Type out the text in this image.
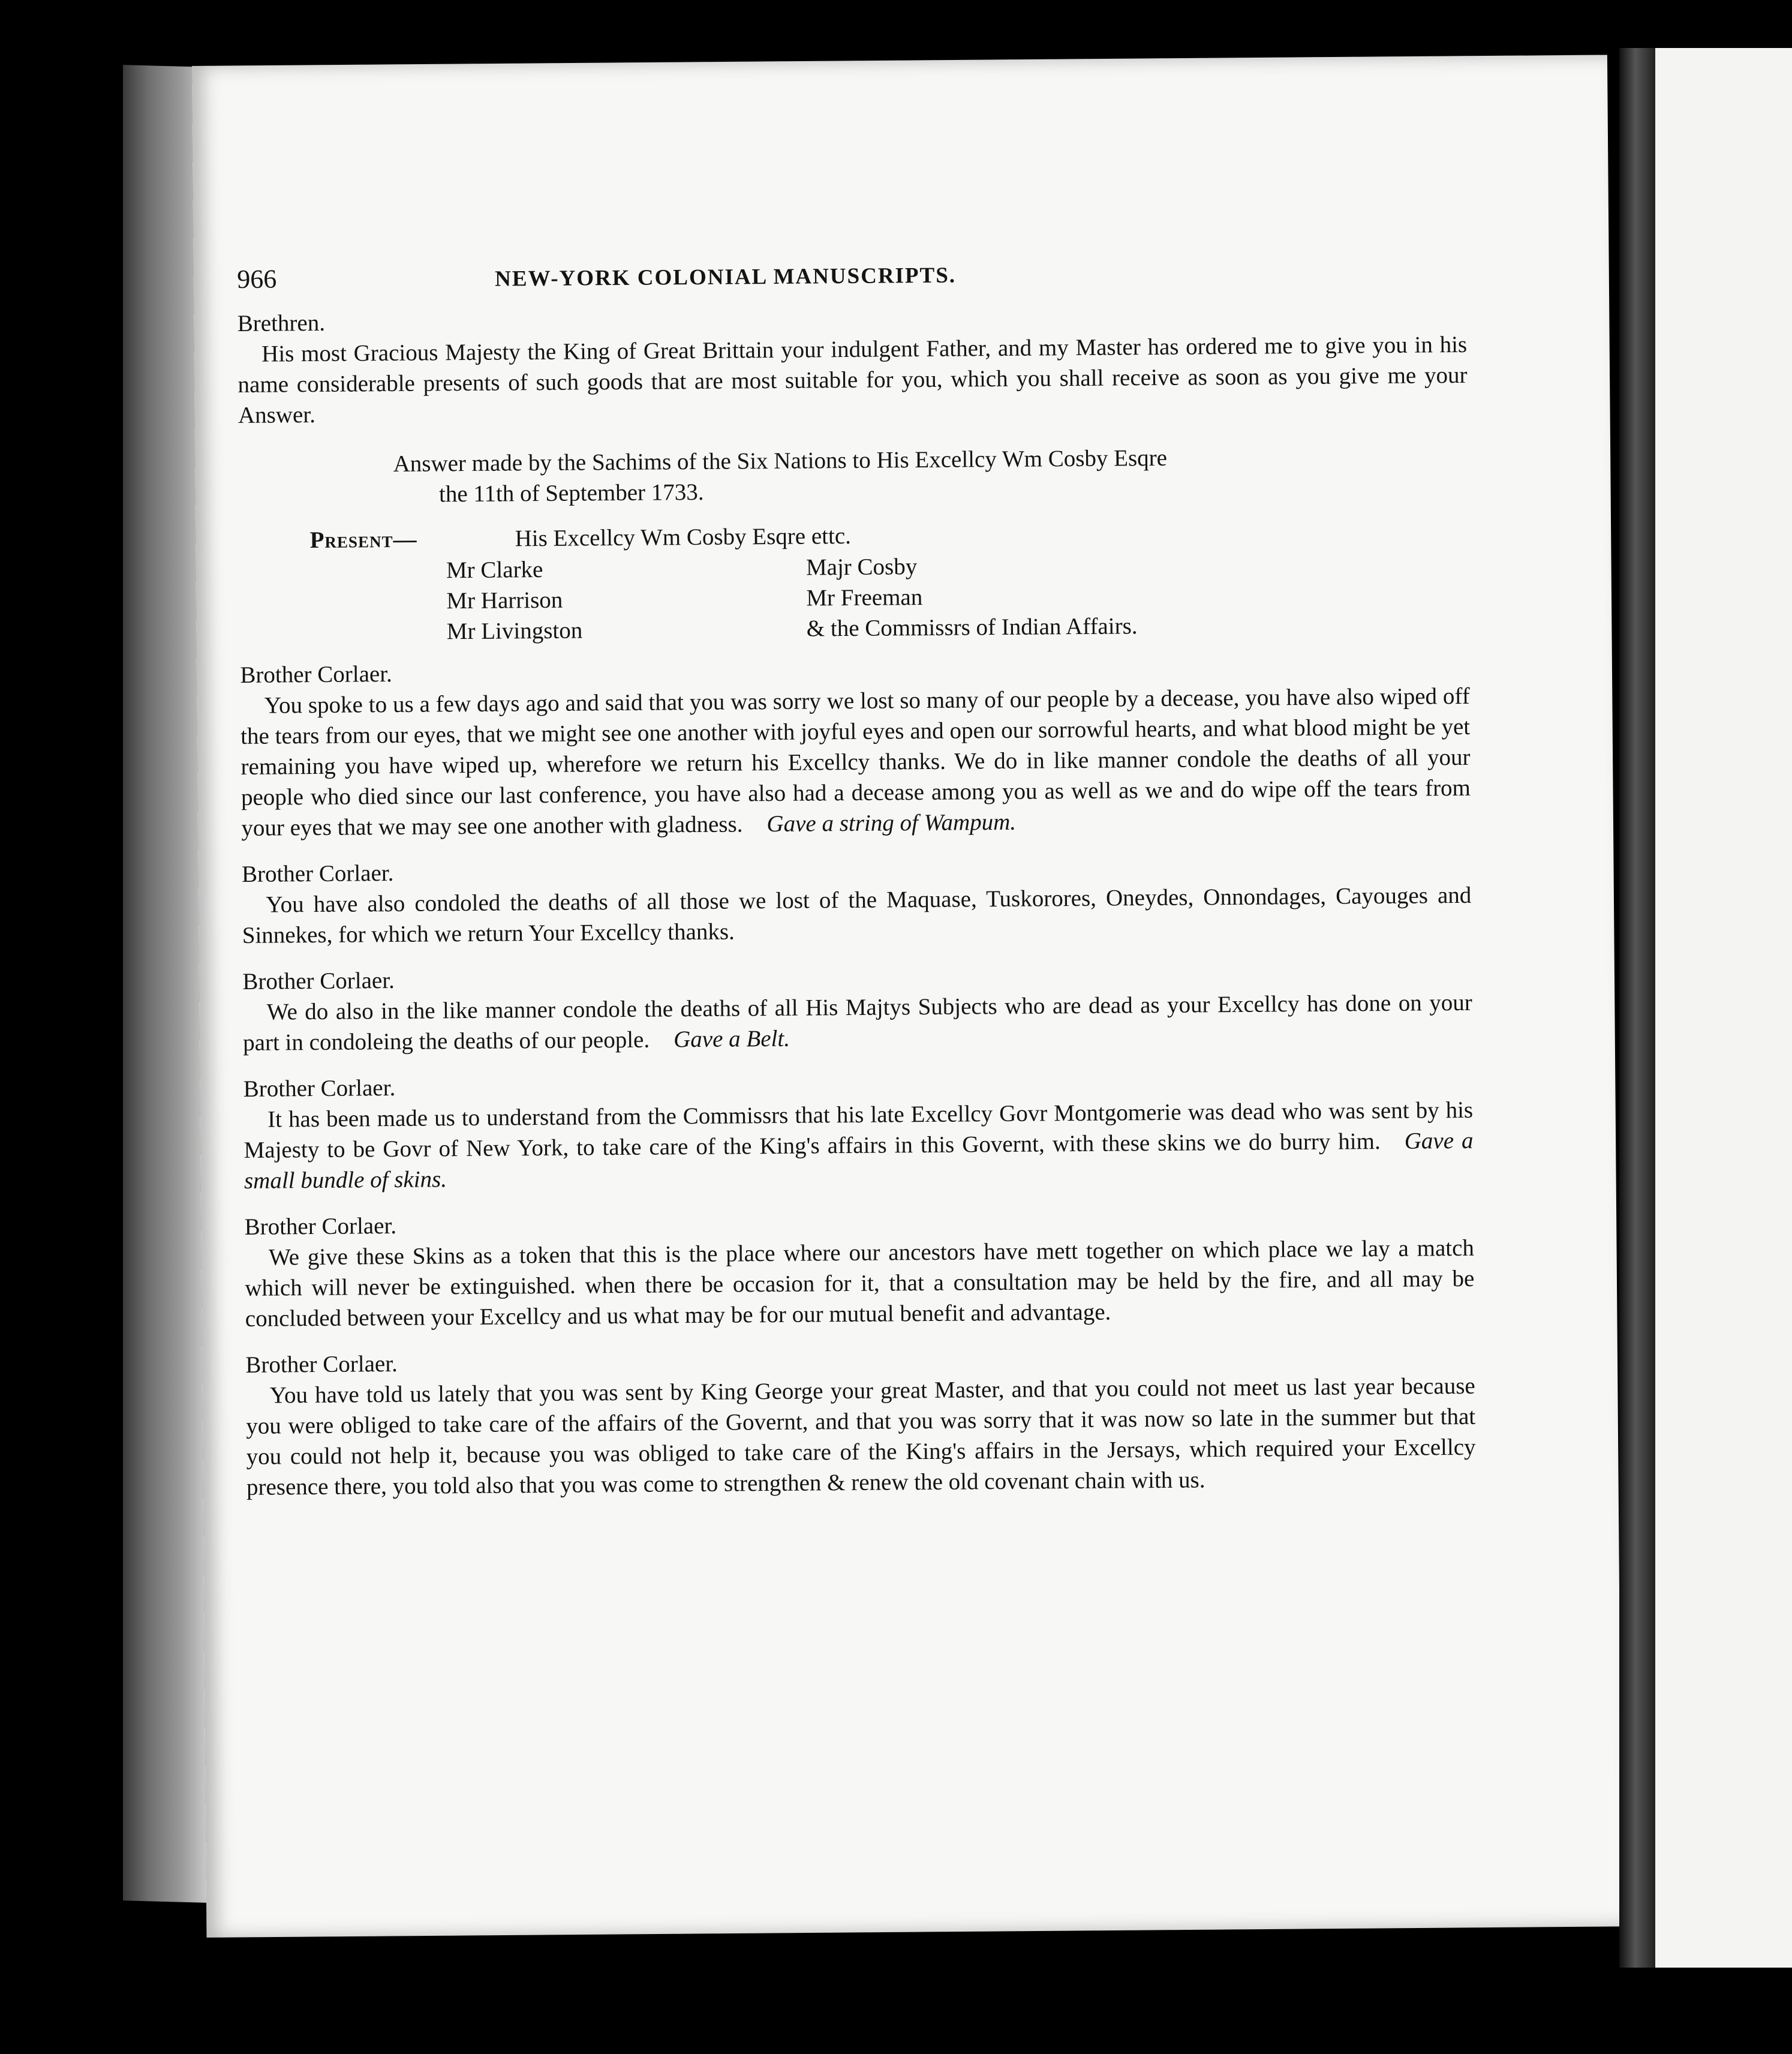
966	NEW-YORK COLONIAL MANUSCRIPTS.

Brethren.

His most Gracious Majesty the King of Great Brittain your indulgent Father, and my Master has ordered me to give you in his name considerable presents of such goods that are most suitable for you, which you shall receive as soon as you give me your Answer.

Answer made by the Sachims of the Six Nations to His Excellcy Wm Cosby Esqre
the 11th of September 1733.

Present—	His Excellcy Wm Cosby Esqre ettc.
Mr Clarke
Mr Harrison
Mr Livingston
Majr Cosby
Mr Freeman
& the Commissrs of Indian Affairs.

Brother Corlaer.

You spoke to us a few days ago and said that you was sorry we lost so many of our people by a decease, you have also wiped off the tears from our eyes, that we might see one another with joyful eyes and open our sorrowful hearts, and what blood might be yet remaining you have wiped up, wherefore we return his Excellcy thanks. We do in like manner condole the deaths of all your people who died since our last conference, you have also had a decease among you as well as we and do wipe off the tears from your eyes that we may see one another with gladness. Gave a string of Wampum.

Brother Corlaer.

You have also condoled the deaths of all those we lost of the Maquase, Tuskorores, Oneydes, Onnondages, Cayouges and Sinnekes, for which we return Your Excellcy thanks.

Brother Corlaer.

We do also in the like manner condole the deaths of all His Majtys Subjects who are dead as your Excellcy has done on your part in condoleing the deaths of our people. Gave a Belt.

Brother Corlaer.

It has been made us to understand from the Commissrs that his late Excellcy Govr Montgomerie was dead who was sent by his Majesty to be Govr of New York, to take care of the King's affairs in this Governt, with these skins we do burry him. Gave a small bundle of skins.

Brother Corlaer.

We give these Skins as a token that this is the place where our ancestors have mett together on which place we lay a match which will never be extinguished. when there be occasion for it, that a consultation may be held by the fire, and all may be concluded between your Excellcy and us what may be for our mutual benefit and advantage.

Brother Corlaer.

You have told us lately that you was sent by King George your great Master, and that you could not meet us last year because you were obliged to take care of the affairs of the Governt, and that you was sorry that it was now so late in the summer but that you could not help it, because you was obliged to take care of the King's affairs in the Jersays, which required your Excellcy presence there, you told also that you was come to strengthen & renew the old covenant chain with us.
